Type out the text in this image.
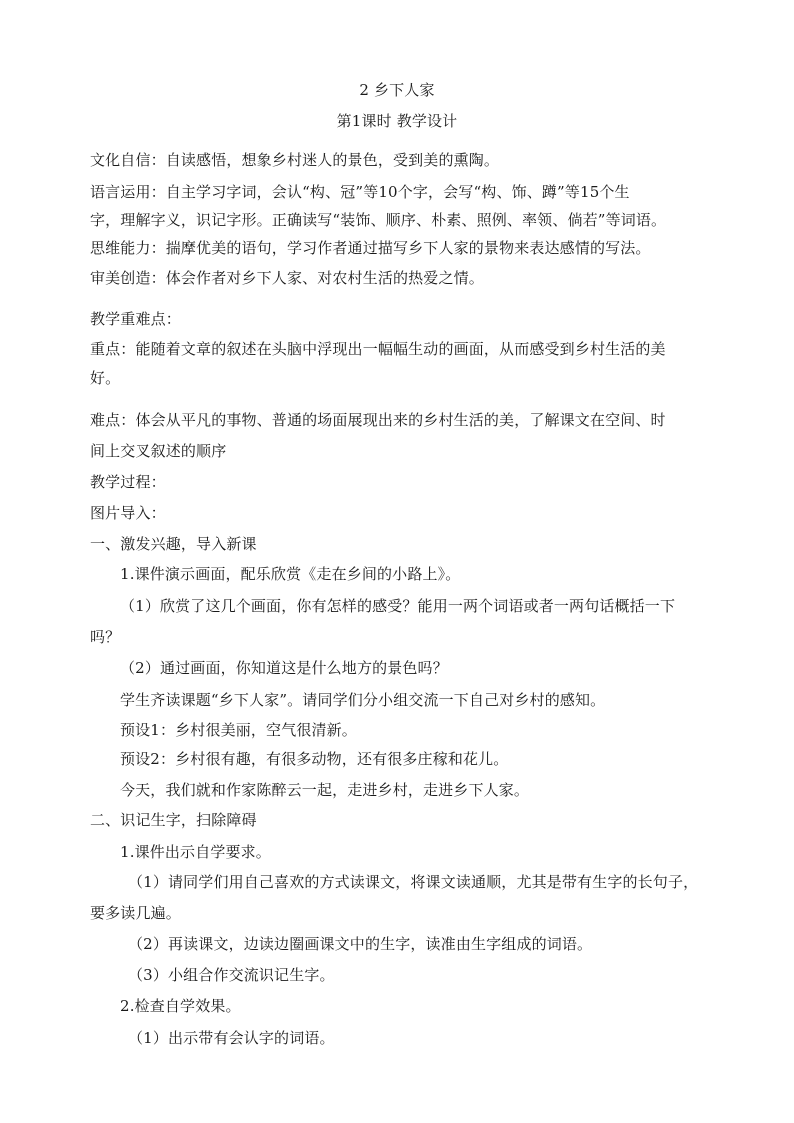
2 乡下人家
第1课时 教学设计
文化自信：自读感悟，想象乡村迷人的景色，受到美的熏陶。
语言运用：自主学习字词，会认“构、冠”等10个字，会写“构、饰、蹲”等15个生
字，理解字义，识记字形。正确读写“装饰、顺序、朴素、照例、率领、倘若”等词语。
思维能力：揣摩优美的语句，学习作者通过描写乡下人家的景物来表达感情的写法。
审美创造：体会作者对乡下人家、对农村生活的热爱之情。
教学重难点：
重点：能随着文章的叙述在头脑中浮现出一幅幅生动的画面，从而感受到乡村生活的美
好。
难点：体会从平凡的事物、普通的场面展现出来的乡村生活的美，了解课文在空间、时
间上交叉叙述的顺序
教学过程：
图片导入：
一、激发兴趣，导入新课
1.课件演示画面，配乐欣赏《走在乡间的小路上》。
（1）欣赏了这几个画面，你有怎样的感受？能用一两个词语或者一两句话概括一下
吗？
（2）通过画面，你知道这是什么地方的景色吗？
学生齐读课题“乡下人家”。请同学们分小组交流一下自己对乡村的感知。
预设1：乡村很美丽，空气很清新。
预设2：乡村很有趣，有很多动物，还有很多庄稼和花儿。
今天，我们就和作家陈醉云一起，走进乡村，走进乡下人家。
二、识记生字，扫除障碍
1.课件出示自学要求。
（1）请同学们用自己喜欢的方式读课文，将课文读通顺，尤其是带有生字的长句子，
要多读几遍。
（2）再读课文，边读边圈画课文中的生字，读准由生字组成的词语。
（3）小组合作交流识记生字。
2.检查自学效果。
（1）出示带有会认字的词语。
